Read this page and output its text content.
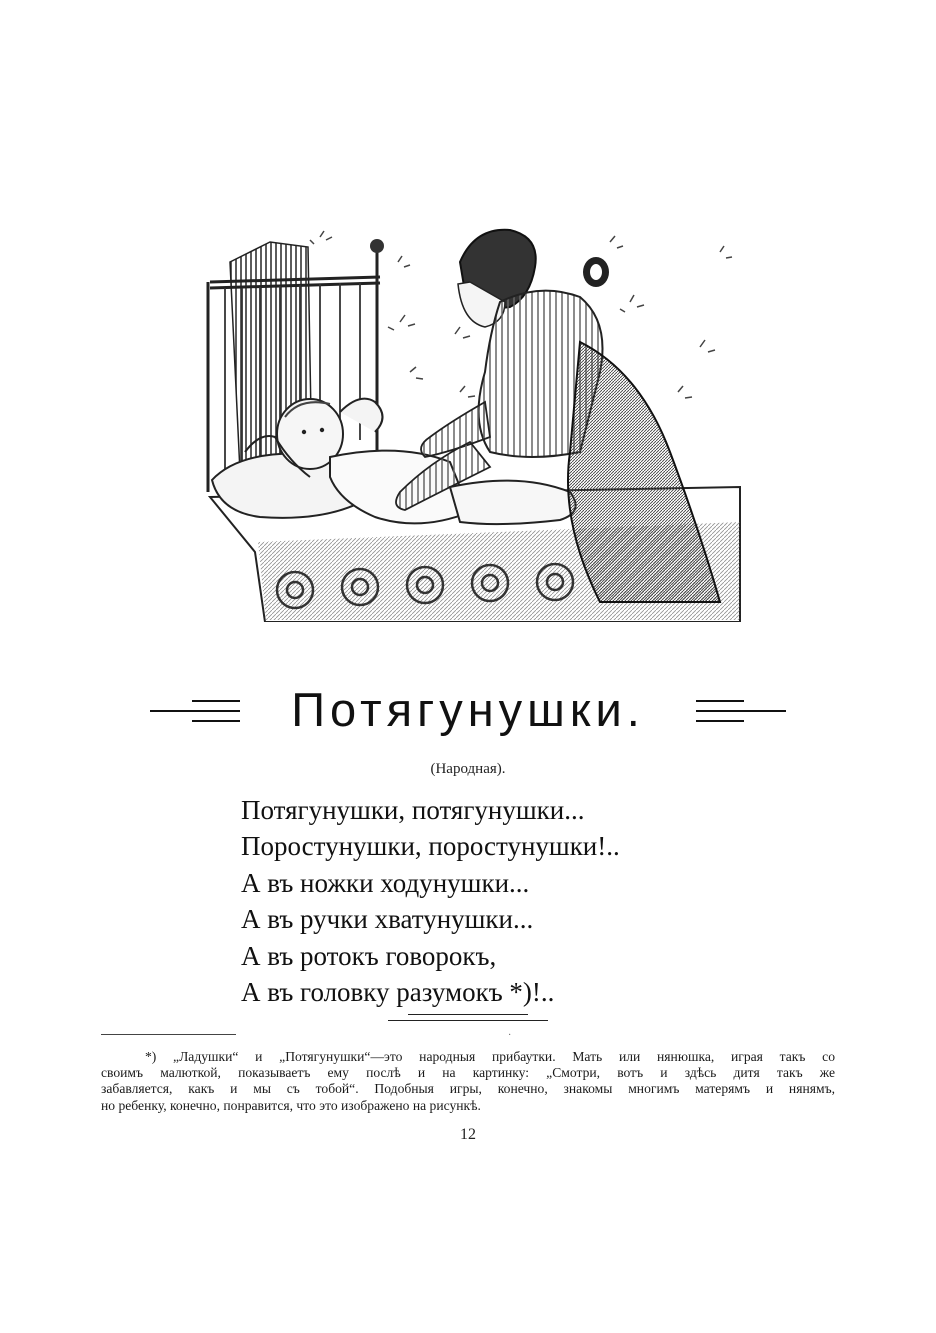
Потягунушки.
(Народная).
Потягунушки, потягунушки...
Поростунушки, поростунушки!..
А въ ножки ходунушки...
А въ ручки хватунушки...
А въ ротокъ говорокъ,
А въ головку разумокъ *)!..
·
*) „Ладушки“ и „Потягунушки“—это народныя прибаутки. Мать или нянюшка, играя такъ со
своимъ малюткой, показываетъ ему послѣ и на картинку: „Смотри, вотъ и здѣсь дитя такъ же
забавляется, какъ и мы съ тобой“. Подобныя игры, конечно, знакомы многимъ матерямъ и нянямъ,
но ребенку, конечно, понравится, что это изображено на рисункѣ.
12
